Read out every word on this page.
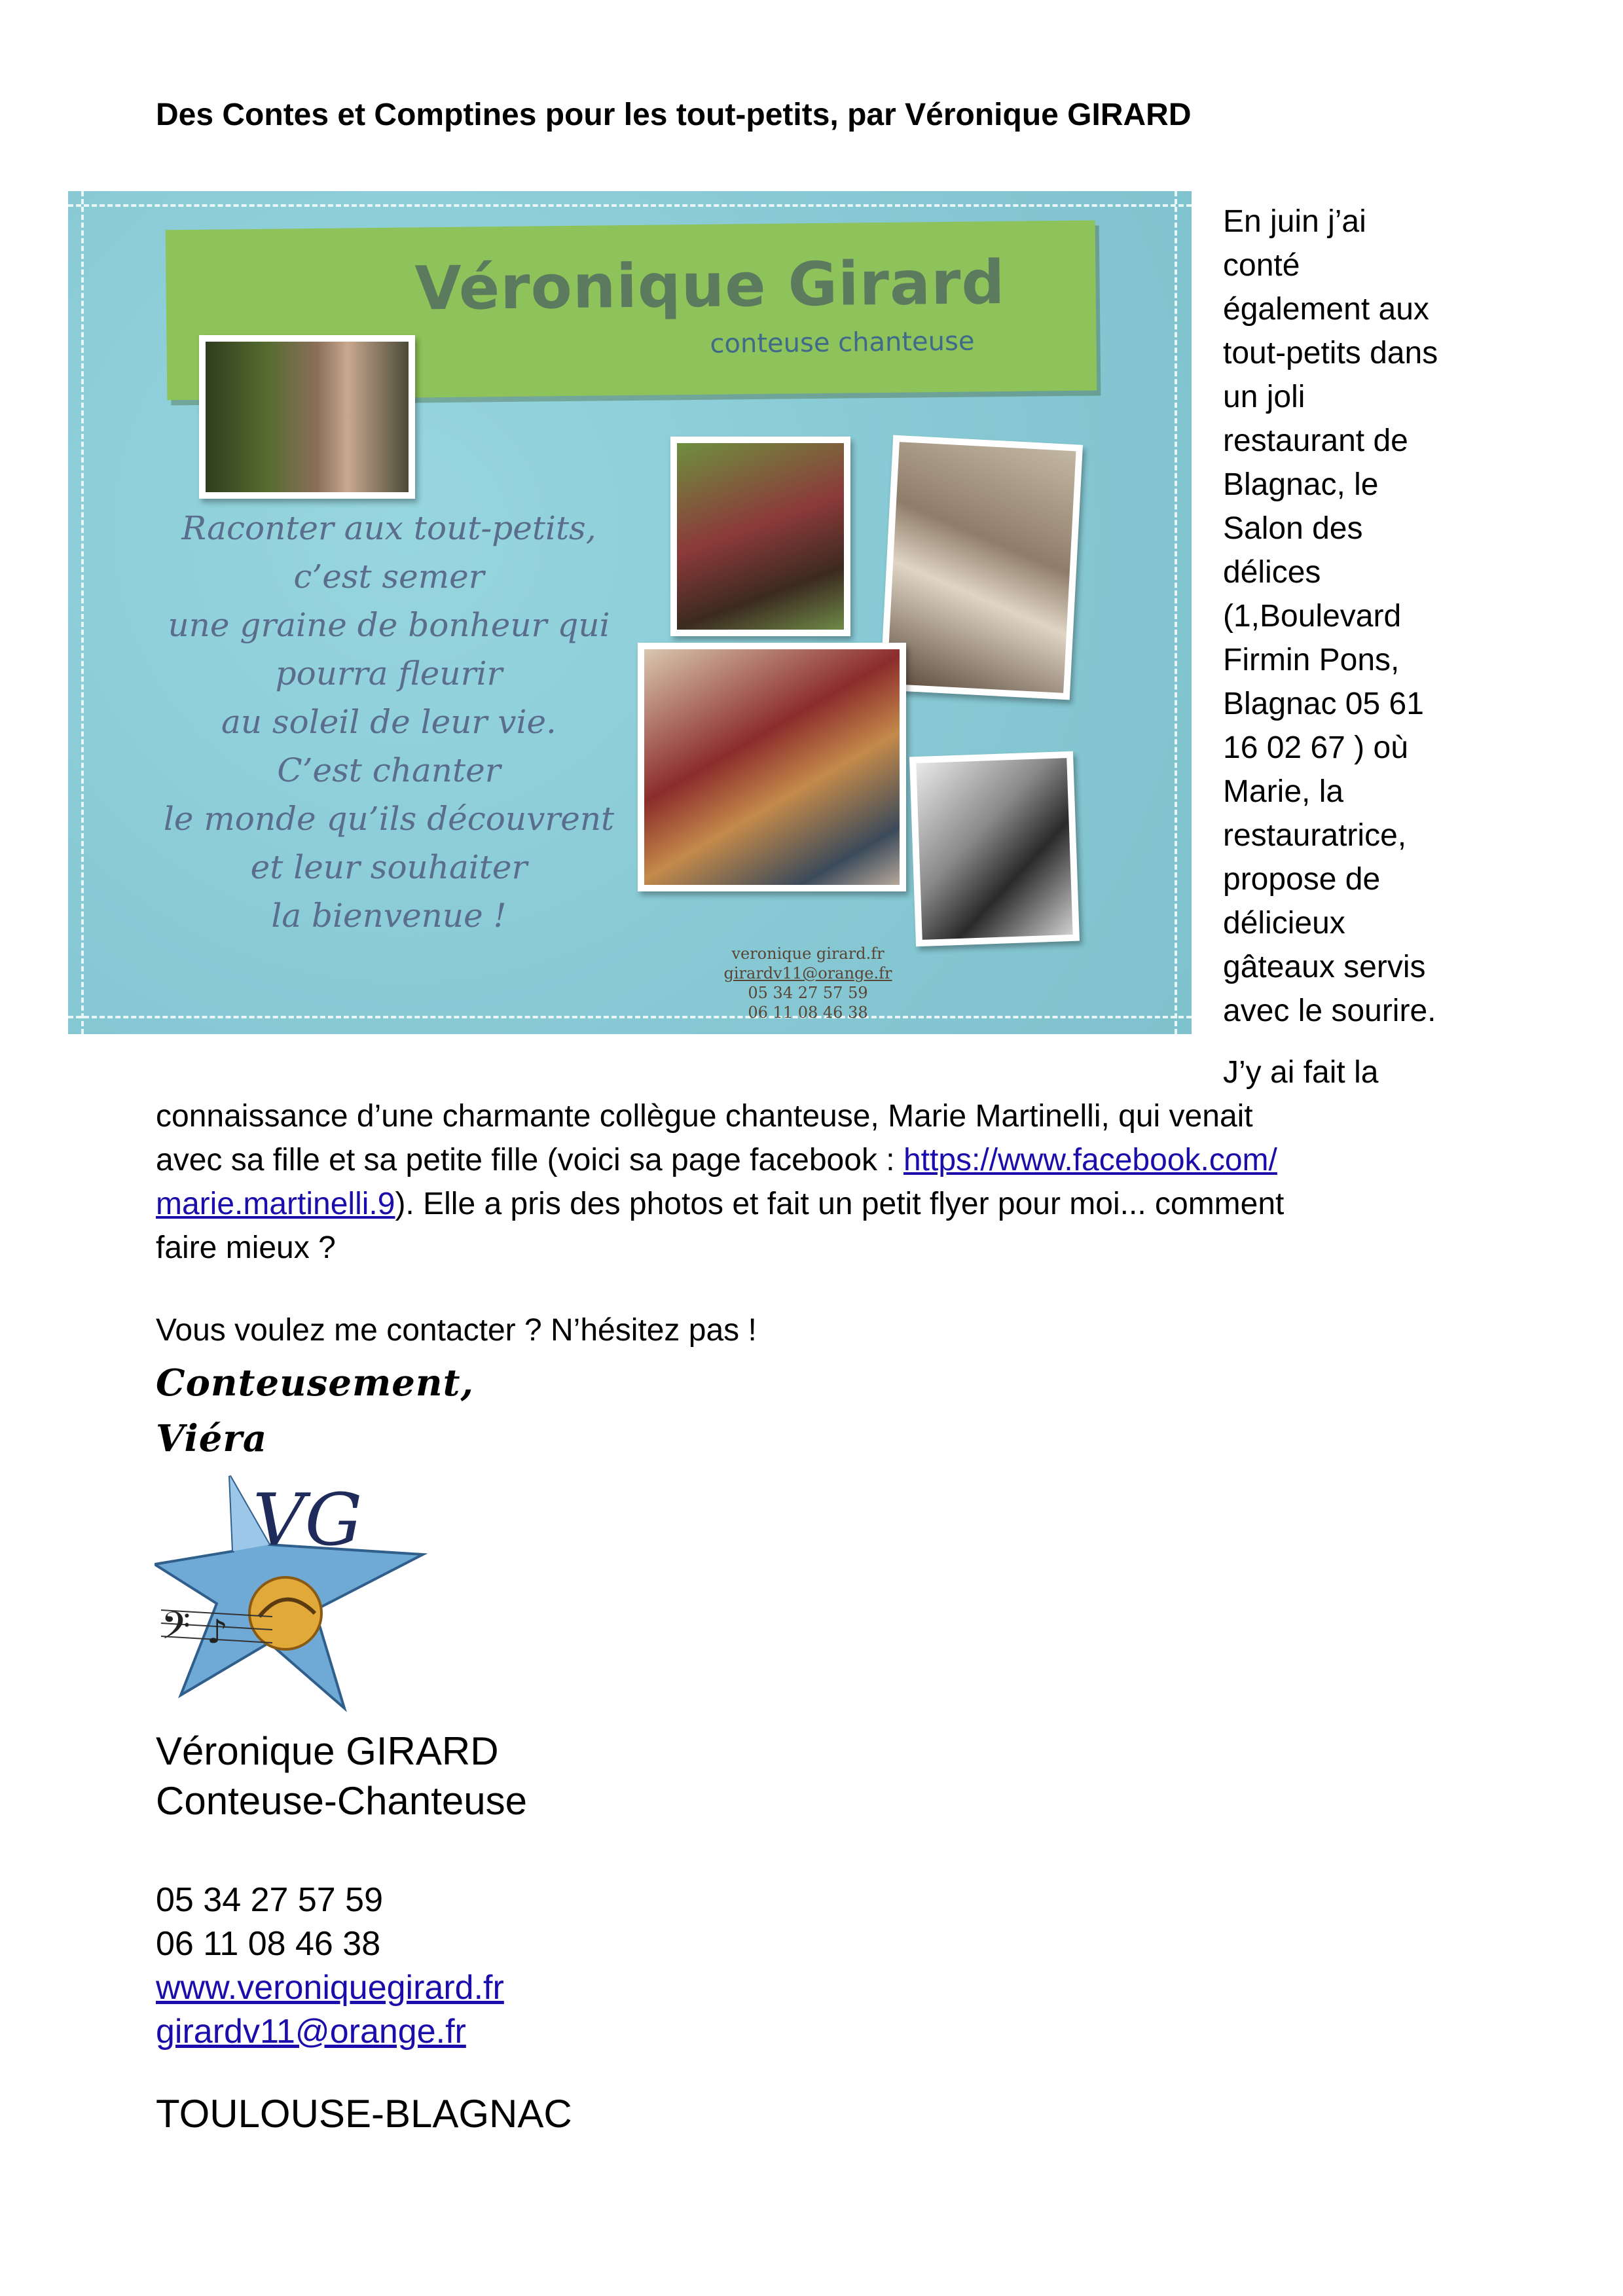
Des Contes et Comptines pour les tout-petits, par Véronique GIRARD
Véronique Girard
conteuse chanteuse
Raconter aux tout-petits,
c’est semer
une graine de bonheur qui
pourra fleurir
au soleil de leur vie.
C’est chanter
le monde qu’ils découvrent
et leur souhaiter
la bienvenue !
veronique girard.fr
girardv11@orange.fr
05 34 27 57 59
06 11 08 46 38
En juin j’ai
conté
également aux
tout-petits dans
un joli
restaurant de
Blagnac, le
Salon des
délices
(1,Boulevard
Firmin Pons,
Blagnac 05 61
16 02 67 ) où
Marie, la
restauratrice,
propose de
délicieux
gâteaux servis
avec le sourire.
J’y ai fait la
connaissance d’une charmante collègue chanteuse, Marie Martinelli, qui venait
avec sa fille et sa petite fille (voici sa page facebook : https://www.facebook.com/
marie.martinelli.9). Elle a pris des photos et fait un petit flyer pour moi... comment
faire mieux ?
Vous voulez me contacter ? N’hésitez pas !
Conteusement,
Viéra
VG
𝄢 ♪
Véronique GIRARD
Conteuse-Chanteuse
05 34 27 57 59
06 11 08 46 38
www.veroniquegirard.fr
girardv11@orange.fr
TOULOUSE-BLAGNAC
